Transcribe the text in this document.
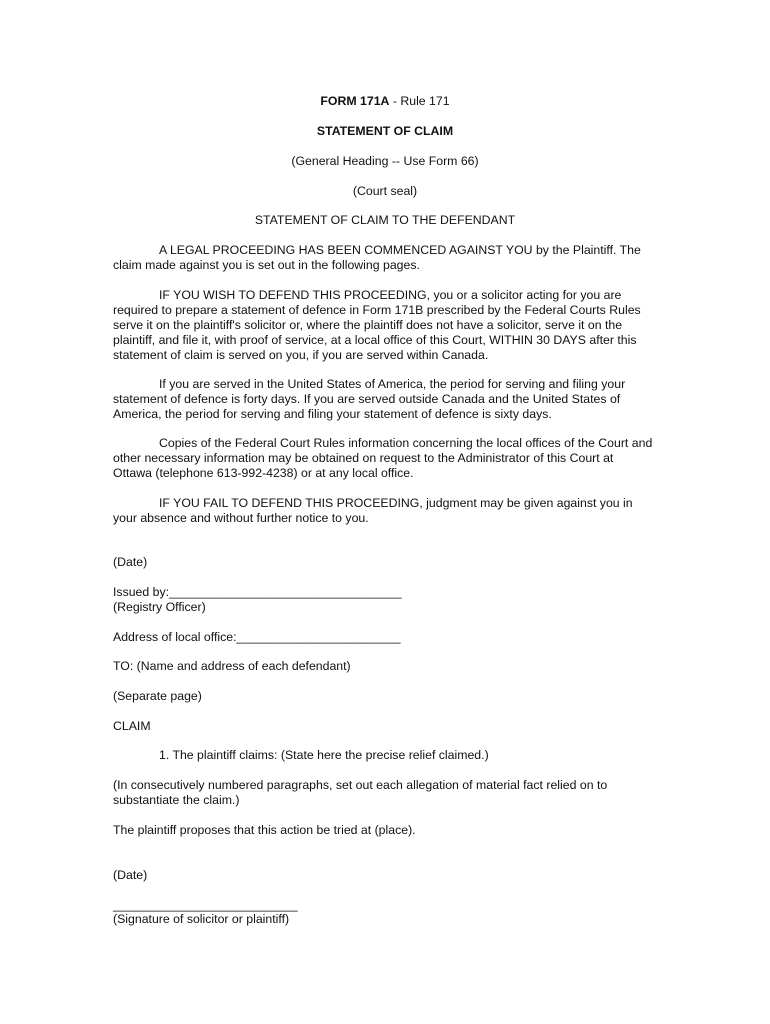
FORM 171A - Rule 171
STATEMENT OF CLAIM
(General Heading -- Use Form 66)
(Court seal)
STATEMENT OF CLAIM TO THE DEFENDANT

A LEGAL PROCEEDING HAS BEEN COMMENCED AGAINST YOU by the Plaintiff. The claim made against you is set out in the following pages.

IF YOU WISH TO DEFEND THIS PROCEEDING, you or a solicitor acting for you are required to prepare a statement of defence in Form 171B prescribed by the Federal Courts Rules serve it on the plaintiff's solicitor or, where the plaintiff does not have a solicitor, serve it on the plaintiff, and file it, with proof of service, at a local office of this Court, WITHIN 30 DAYS after this statement of claim is served on you, if you are served within Canada.

If you are served in the United States of America, the period for serving and filing your statement of defence is forty days. If you are served outside Canada and the United States of America, the period for serving and filing your statement of defence is sixty days.

Copies of the Federal Court Rules information concerning the local offices of the Court and other necessary information may be obtained on request to the Administrator of this Court at Ottawa (telephone 613-992-4238) or at any local office.

IF YOU FAIL TO DEFEND THIS PROCEEDING, judgment may be given against you in your absence and without further notice to you.

(Date)
Issued by:__________________________________
(Registry Officer)
Address of local office:________________________
TO: (Name and address of each defendant)
(Separate page)
CLAIM
1. The plaintiff claims: (State here the precise relief claimed.)

(In consecutively numbered paragraphs, set out each allegation of material fact relied on to substantiate the claim.)

The plaintiff proposes that this action be tried at (place).
(Date)
___________________________
(Signature of solicitor or plaintiff)
